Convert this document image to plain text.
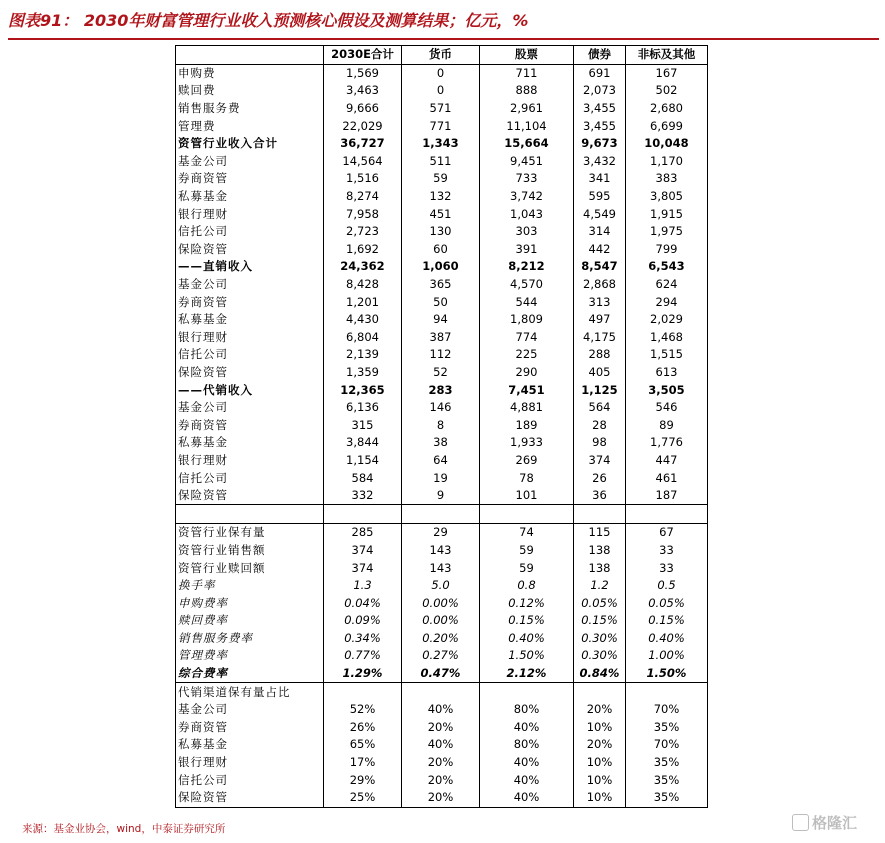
图表91： 2030年财富管理行业收入预测核心假设及测算结果；亿元，%
	2030E合计	货币	股票	债券	非标及其他
申购费	1,569	0	711	691	167
赎回费	3,463	0	888	2,073	502
销售服务费	9,666	571	2,961	3,455	2,680
管理费	22,029	771	11,104	3,455	6,699
资管行业收入合计	36,727	1,343	15,664	9,673	10,048
基金公司	14,564	511	9,451	3,432	1,170
券商资管	1,516	59	733	341	383
私募基金	8,274	132	3,742	595	3,805
银行理财	7,958	451	1,043	4,549	1,915
信托公司	2,723	130	303	314	1,975
保险资管	1,692	60	391	442	799
——直销收入	24,362	1,060	8,212	8,547	6,543
基金公司	8,428	365	4,570	2,868	624
券商资管	1,201	50	544	313	294
私募基金	4,430	94	1,809	497	2,029
银行理财	6,804	387	774	4,175	1,468
信托公司	2,139	112	225	288	1,515
保险资管	1,359	52	290	405	613
——代销收入	12,365	283	7,451	1,125	3,505
基金公司	6,136	146	4,881	564	546
券商资管	315	8	189	28	89
私募基金	3,844	38	1,933	98	1,776
银行理财	1,154	64	269	374	447
信托公司	584	19	78	26	461
保险资管	332	9	101	36	187

资管行业保有量	285	29	74	115	67
资管行业销售额	374	143	59	138	33
资管行业赎回额	374	143	59	138	33
换手率	1.3	5.0	0.8	1.2	0.5
申购费率	0.04%	0.00%	0.12%	0.05%	0.05%
赎回费率	0.09%	0.00%	0.15%	0.15%	0.15%
销售服务费率	0.34%	0.20%	0.40%	0.30%	0.40%
管理费率	0.77%	0.27%	1.50%	0.30%	1.00%
综合费率	1.29%	0.47%	2.12%	0.84%	1.50%
代销渠道保有量占比					
基金公司	52%	40%	80%	20%	70%
券商资管	26%	20%	40%	10%	35%
私募基金	65%	40%	80%	20%	70%
银行理财	17%	20%	40%	10%	35%
信托公司	29%	20%	40%	10%	35%
保险资管	25%	20%	40%	10%	35%
来源：基金业协会，wind，中泰证券研究所	格隆汇
